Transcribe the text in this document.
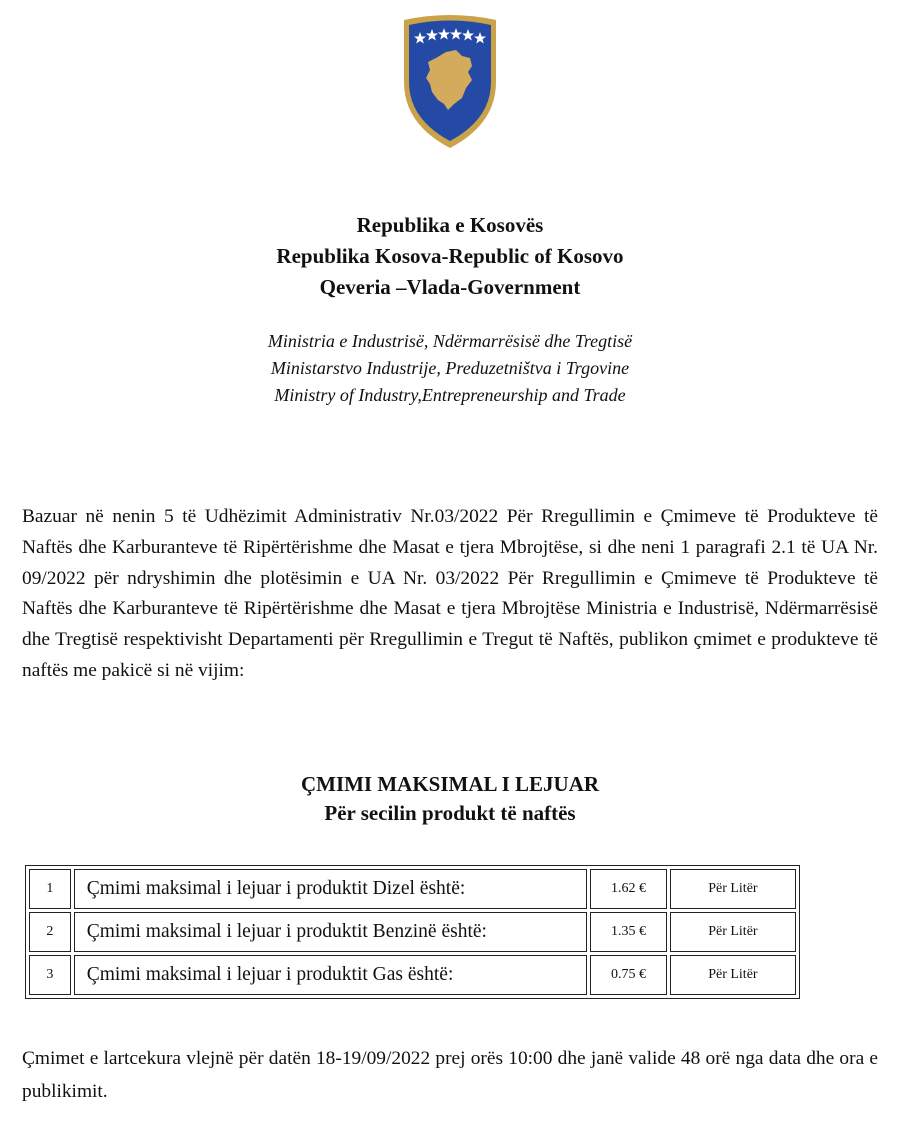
Republika e Kosovës
Republika Kosova-Republic of Kosovo
Qeveria –Vlada-Government
Ministria e Industrisë, Ndërmarrësisë dhe Tregtisë
Ministarstvo Industrije, Preduzetništva i Trgovine
Ministry of Industry,Entrepreneurship and Trade
Bazuar në nenin 5 të Udhëzimit Administrativ Nr.03/2022 Për Rregullimin e Çmimeve të Produkteve të Naftës dhe Karburanteve të Ripërtërishme dhe Masat e tjera Mbrojtëse, si dhe neni 1 paragrafi 2.1 të UA Nr. 09/2022 për ndryshimin dhe plotësimin e UA Nr. 03/2022 Për Rregullimin e Çmimeve të Produkteve të Naftës dhe Karburanteve të Ripërtërishme dhe Masat e tjera Mbrojtëse Ministria e Industrisë, Ndërmarrësisë dhe Tregtisë respektivisht Departamenti për Rregullimin e Tregut të Naftës, publikon çmimet e produkteve të naftës me pakicë si në vijim:
ÇMIMI MAKSIMAL I LEJUAR
Për secilin produkt të naftës
1	Çmimi maksimal i lejuar i produktit Dizel është:	1.62 €	Për Litër
2	Çmimi maksimal i lejuar i produktit Benzinë është:	1.35 €	Për Litër
3	Çmimi maksimal i lejuar i produktit Gas është:	0.75 €	Për Litër
Çmimet e lartcekura vlejnë për datën 18-19/09/2022 prej orës 10:00 dhe janë valide 48 orë nga data dhe ora e publikimit.
